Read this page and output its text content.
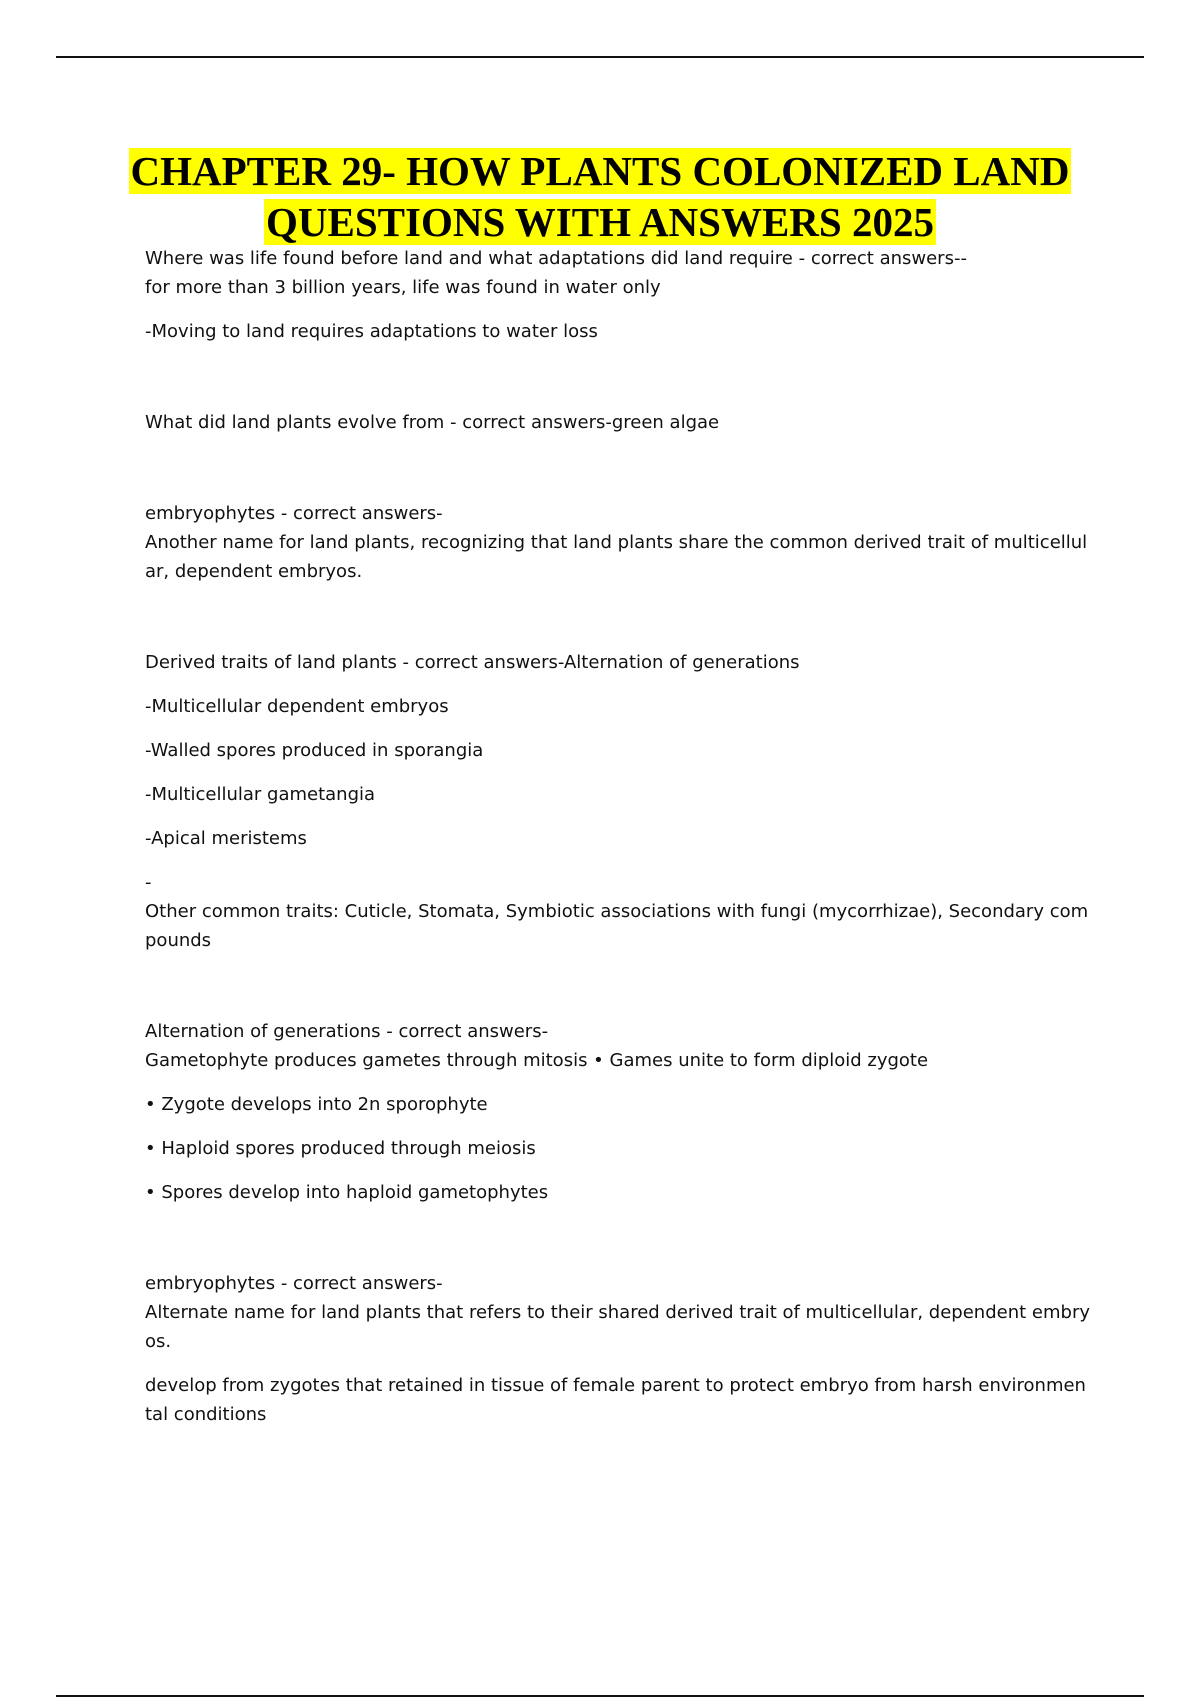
CHAPTER 29- HOW PLANTS COLONIZED LAND QUESTIONS WITH ANSWERS 2025

Where was life found before land and what adaptations did land require - correct answers--

for more than 3 billion years, life was found in water only

-Moving to land requires adaptations to water loss

What did land plants evolve from - correct answers-green algae

embryophytes - correct answers-

Another name for land plants, recognizing that land plants share the common derived trait of multicellular, dependent embryos.

Derived traits of land plants - correct answers-Alternation of generations

-Multicellular dependent embryos

-Walled spores produced in sporangia

-Multicellular gametangia

-Apical meristems

-

Other common traits: Cuticle, Stomata, Symbiotic associations with fungi (mycorrhizae), Secondary compounds

Alternation of generations - correct answers-

Gametophyte produces gametes through mitosis • Games unite to form diploid zygote

• Zygote develops into 2n sporophyte

• Haploid spores produced through meiosis

• Spores develop into haploid gametophytes

embryophytes - correct answers-

Alternate name for land plants that refers to their shared derived trait of multicellular, dependent embryos.

develop from zygotes that retained in tissue of female parent to protect embryo from harsh environmental conditions
